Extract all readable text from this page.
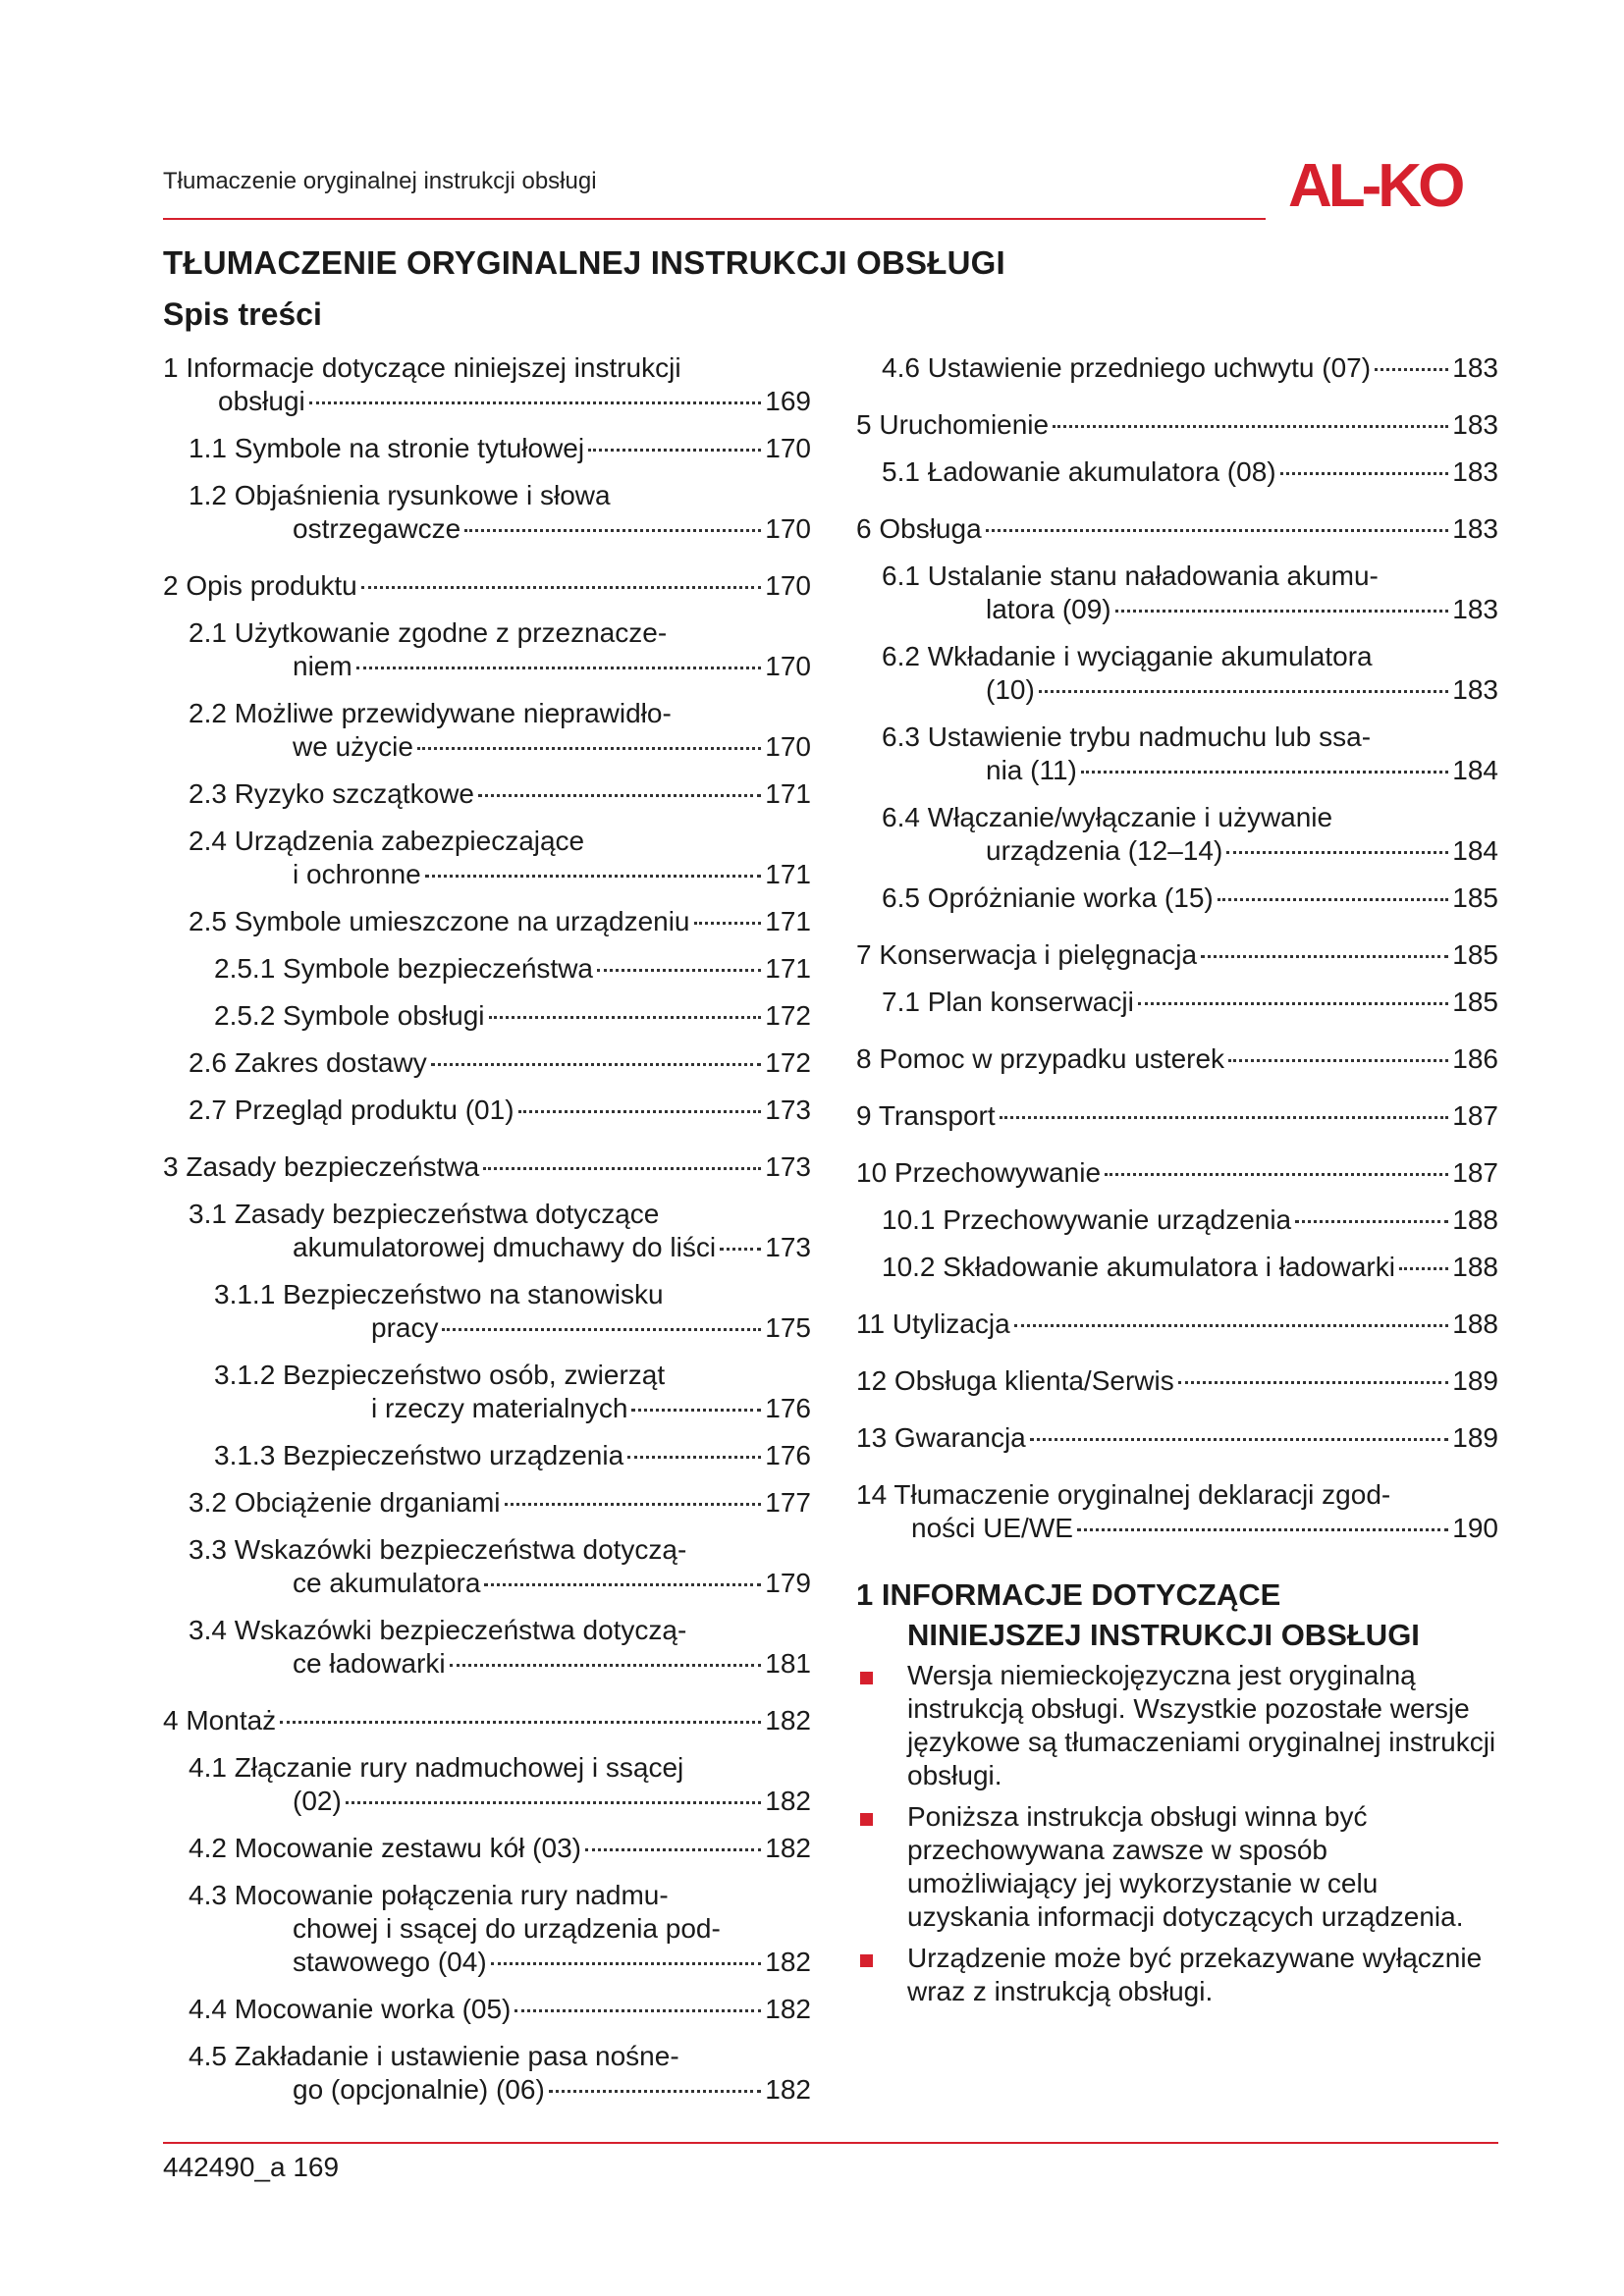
Tłumaczenie oryginalnej instrukcji obsługi	AL-KO
TŁUMACZENIE ORYGINALNEJ INSTRUKCJI OBSŁUGI
Spis treści
1 Informacje dotyczące niniejszej instrukcji
obsługi	169
1.1 Symbole na stronie tytułowej	170
1.2 Objaśnienia rysunkowe i słowa
ostrzegawcze	170
2 Opis produktu	170
2.1 Użytkowanie zgodne z przeznacze-
niem	170
2.2 Możliwe przewidywane nieprawidło-
we użycie	170
2.3 Ryzyko szczątkowe	171
2.4 Urządzenia zabezpieczające
i ochronne	171
2.5 Symbole umieszczone na urządzeniu	171
2.5.1 Symbole bezpieczeństwa	171
2.5.2 Symbole obsługi	172
2.6 Zakres dostawy	172
2.7 Przegląd produktu (01)	173
3 Zasady bezpieczeństwa	173
3.1 Zasady bezpieczeństwa dotyczące
akumulatorowej dmuchawy do liści 173
3.1.1 Bezpieczeństwo na stanowisku
pracy	175
3.1.2 Bezpieczeństwo osób, zwierząt
i rzeczy materialnych	176
3.1.3 Bezpieczeństwo urządzenia	176
3.2 Obciążenie drganiami	177
3.3 Wskazówki bezpieczeństwa dotyczą-
ce akumulatora	179
3.4 Wskazówki bezpieczeństwa dotyczą-
ce ładowarki	181
4 Montaż	182
4.1 Złączanie rury nadmuchowej i ssącej
(02)	182
4.2 Mocowanie zestawu kół (03)	182
4.3 Mocowanie połączenia rury nadmu-
chowej i ssącej do urządzenia pod-
stawowego (04)	182
4.4 Mocowanie worka (05)	182
4.5 Zakładanie i ustawienie pasa nośne-
go (opcjonalnie) (06)	182
4.6 Ustawienie przedniego uchwytu (07)	183
5 Uruchomienie	183
5.1 Ładowanie akumulatora (08)	183
6 Obsługa	183
6.1 Ustalanie stanu naładowania akumu-
latora (09)	183
6.2 Wkładanie i wyciąganie akumulatora
(10)	183
6.3 Ustawienie trybu nadmuchu lub ssa-
nia (11)	184
6.4 Włączanie/wyłączanie i używanie
urządzenia (12–14)	184
6.5 Opróżnianie worka (15)	185
7 Konserwacja i pielęgnacja	185
7.1 Plan konserwacji	185
8 Pomoc w przypadku usterek	186
9 Transport	187
10 Przechowywanie	187
10.1 Przechowywanie urządzenia	188
10.2 Składowanie akumulatora i ładowarki 188
11 Utylizacja	188
12 Obsługa klienta/Serwis	189
13 Gwarancja	189
14 Tłumaczenie oryginalnej deklaracji zgod-
ności UE/WE	190
1 INFORMACJE DOTYCZĄCE
NINIEJSZEJ INSTRUKCJI OBSŁUGI
Wersja niemieckojęzyczna jest oryginalną instrukcją obsługi. Wszystkie pozostałe wersje językowe są tłumaczeniami oryginalnej instrukcji obsługi.
Poniższa instrukcja obsługi winna być przechowywana zawsze w sposób umożliwiający jej wykorzystanie w celu uzyskania informacji dotyczących urządzenia.
Urządzenie może być przekazywane wyłącznie wraz z instrukcją obsługi.
442490_a 169
